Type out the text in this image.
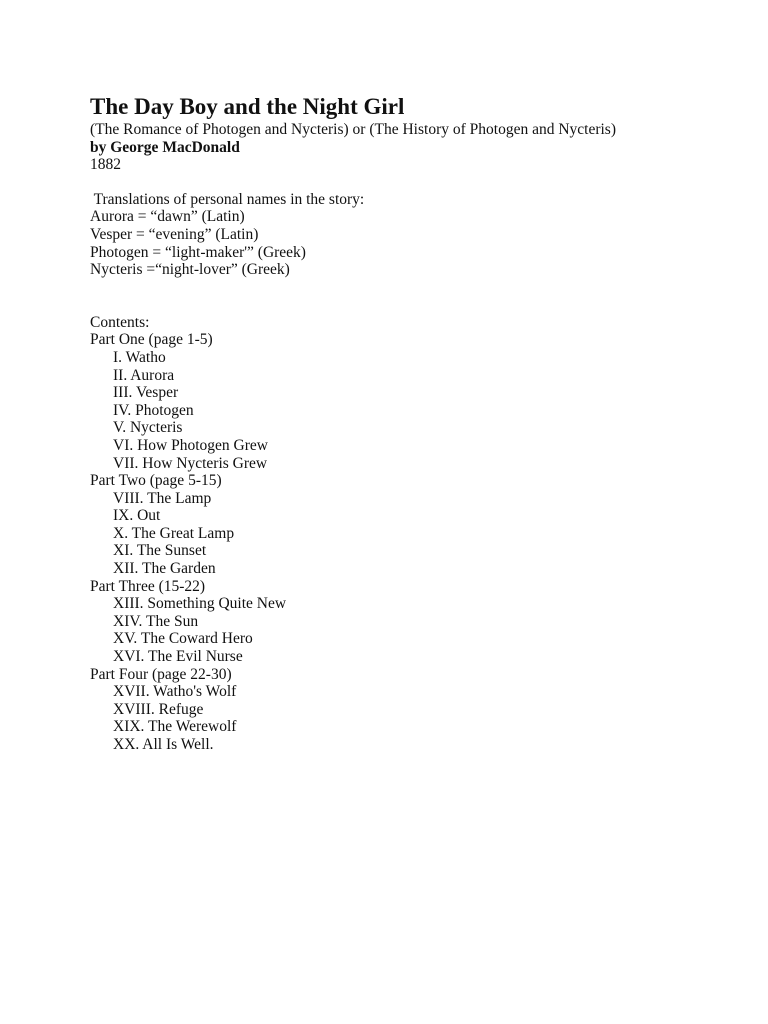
The Day Boy and the Night Girl
(The Romance of Photogen and Nycteris) or (The History of Photogen and Nycteris)
by George MacDonald
1882
Translations of personal names in the story:
Aurora = “dawn” (Latin)
Vesper = “evening” (Latin)
Photogen = “light-maker'” (Greek)
Nycteris =“night-lover” (Greek)
Contents:
Part One (page 1-5)
I. Watho
II. Aurora
III. Vesper
IV. Photogen
V. Nycteris
VI. How Photogen Grew
VII. How Nycteris Grew
Part Two (page 5-15)
VIII. The Lamp
IX. Out
X. The Great Lamp
XI. The Sunset
XII. The Garden
Part Three (15-22)
XIII. Something Quite New
XIV. The Sun
XV. The Coward Hero
XVI. The Evil Nurse
Part Four (page 22-30)
XVII. Watho's Wolf
XVIII. Refuge
XIX. The Werewolf
XX. All Is Well.
